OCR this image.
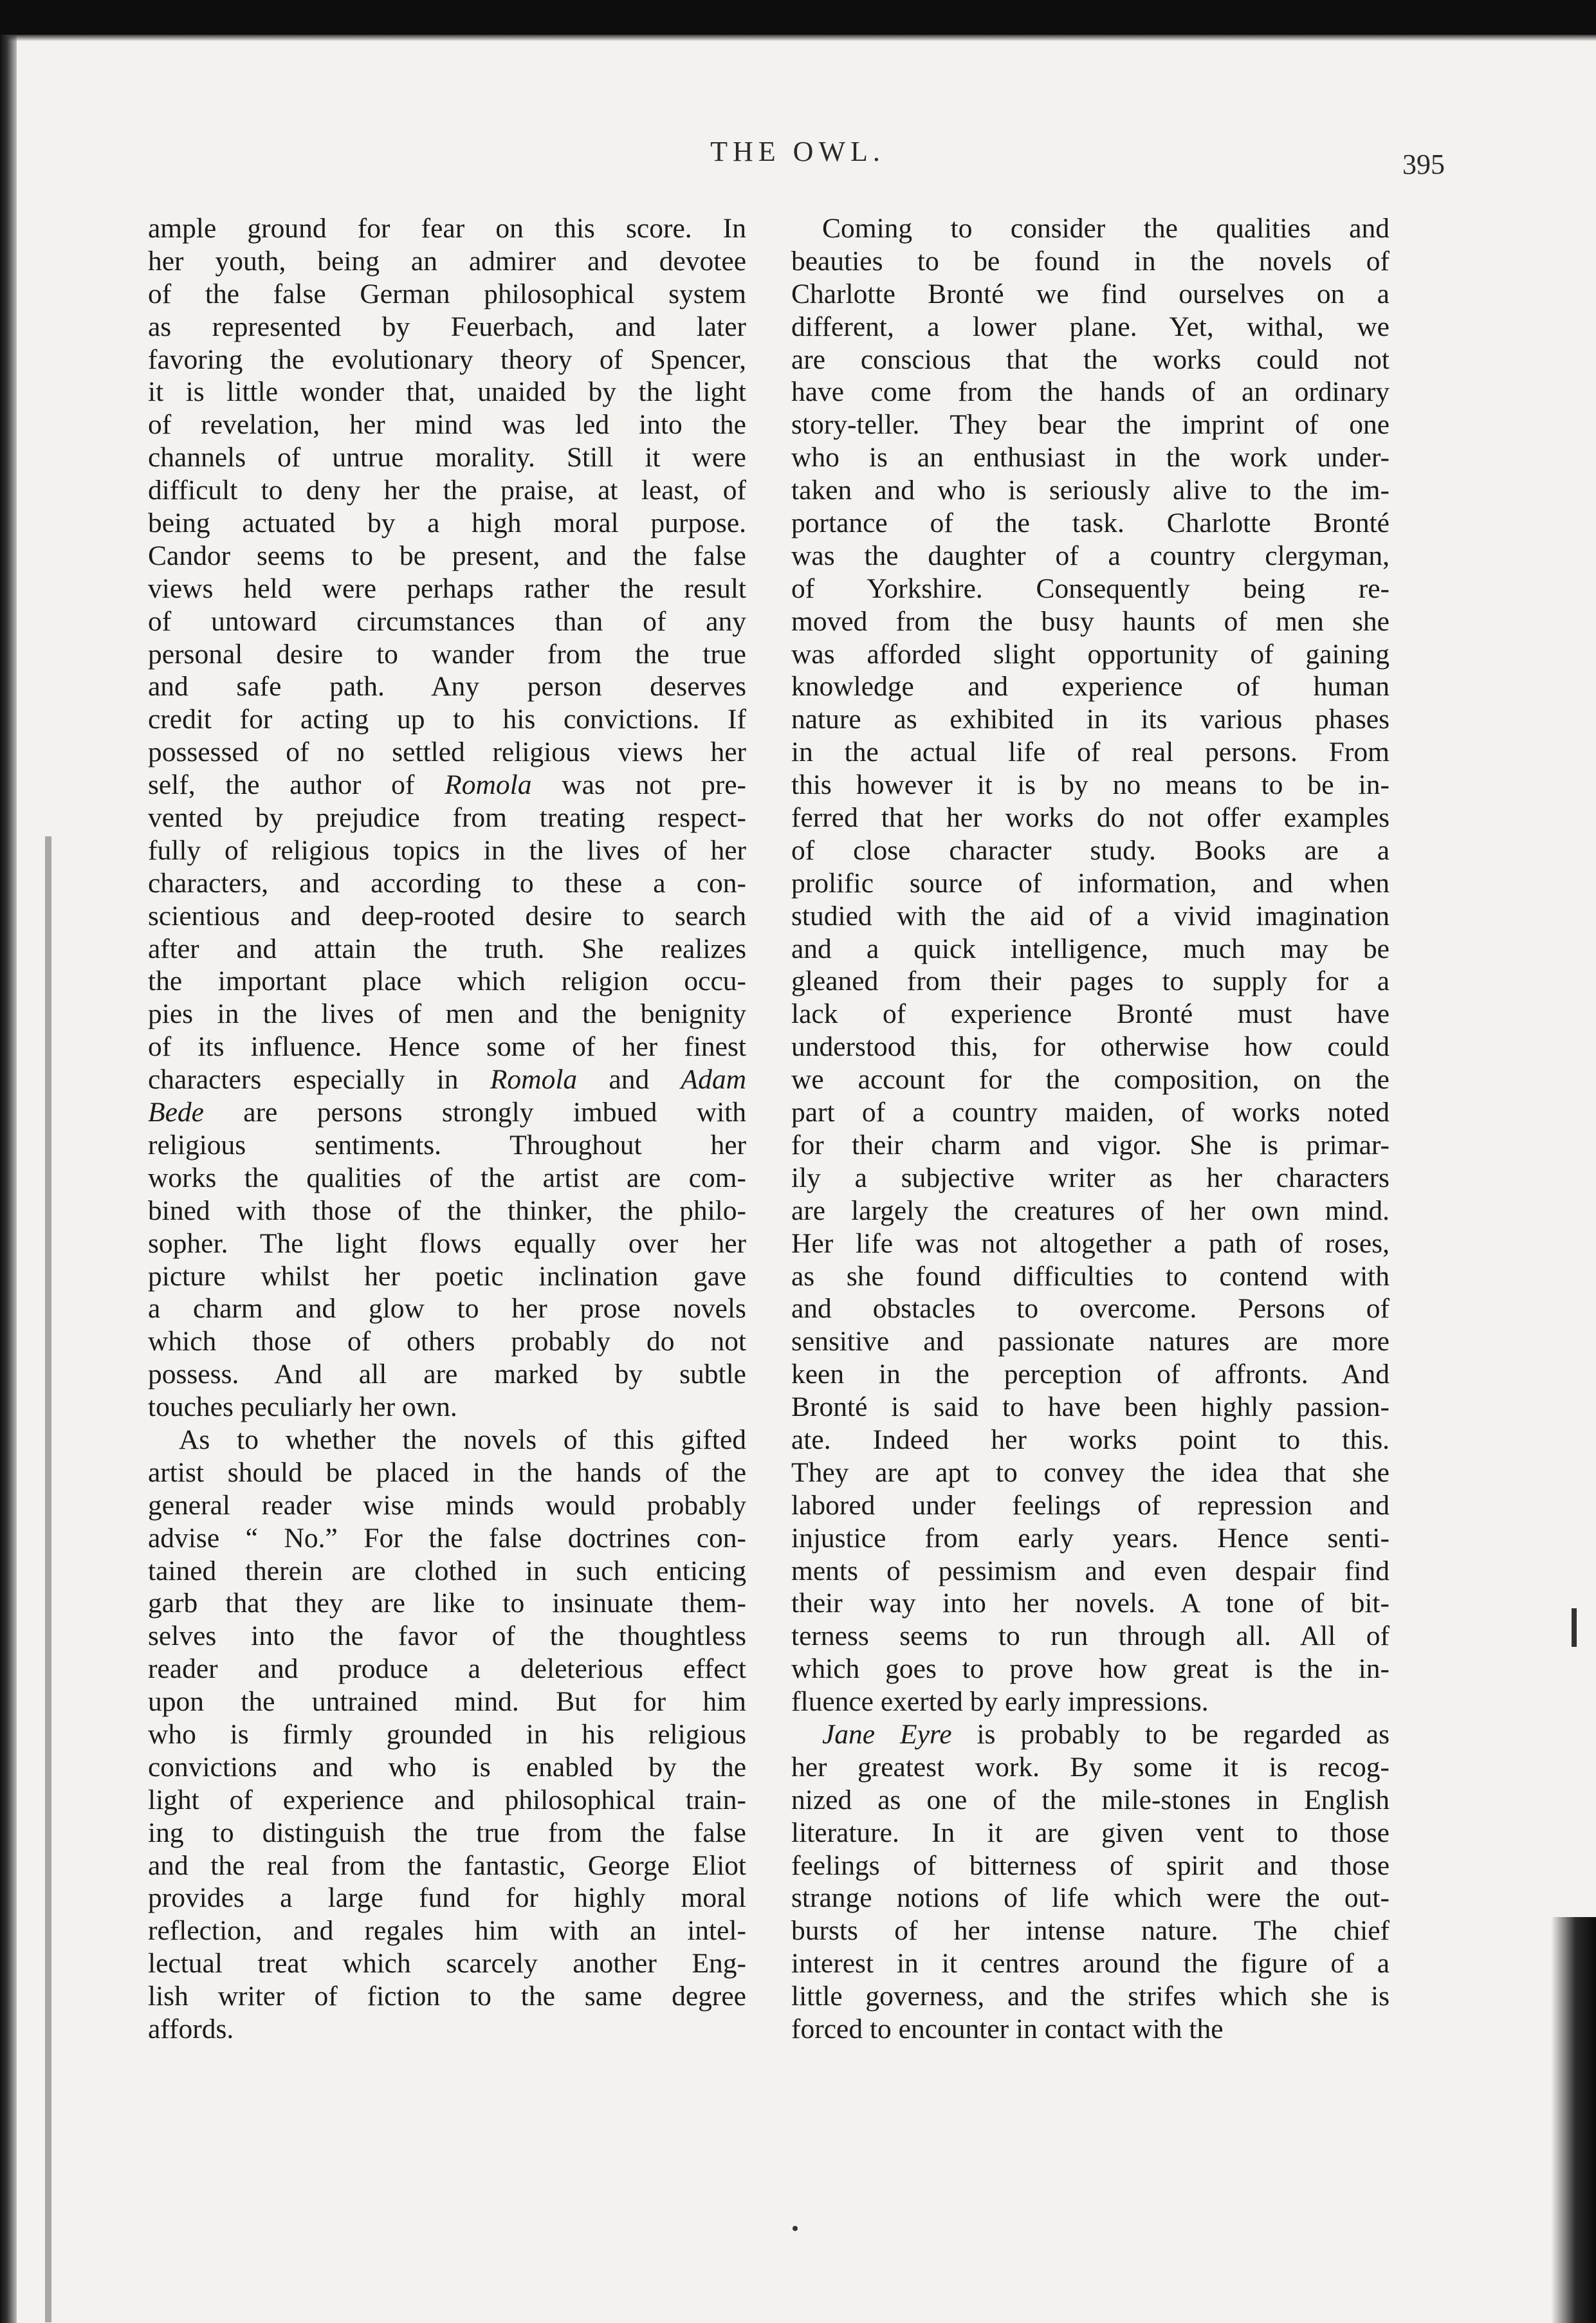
THE OWL.	395
ample ground for fear on this score. In
her youth, being an admirer and devotee
of the false German philosophical system
as represented by Feuerbach, and later
favoring the evolutionary theory of Spencer,
it is little wonder that, unaided by the light
of revelation, her mind was led into the
channels of untrue morality. Still it were
difficult to deny her the praise, at least, of
being actuated by a high moral purpose.
Candor seems to be present, and the false
views held were perhaps rather the result
of untoward circumstances than of any
personal desire to wander from the true
and safe path. Any person deserves
credit for acting up to his convictions. If
possessed of no settled religious views her
self, the author of Romola was not pre-
vented by prejudice from treating respect-
fully of religious topics in the lives of her
characters, and according to these a con-
scientious and deep-rooted desire to search
after and attain the truth. She realizes
the important place which religion occu-
pies in the lives of men and the benignity
of its influence. Hence some of her finest
characters especially in Romola and Adam
Bede are persons strongly imbued with
religious sentiments. Throughout her
works the qualities of the artist are com-
bined with those of the thinker, the philo-
sopher. The light flows equally over her
picture whilst her poetic inclination gave
a charm and glow to her prose novels
which those of others probably do not
possess. And all are marked by subtle
touches peculiarly her own.
As to whether the novels of this gifted
artist should be placed in the hands of the
general reader wise minds would probably
advise “ No.” For the false doctrines con-
tained therein are clothed in such enticing
garb that they are like to insinuate them-
selves into the favor of the thoughtless
reader and produce a deleterious effect
upon the untrained mind. But for him
who is firmly grounded in his religious
convictions and who is enabled by the
light of experience and philosophical train-
ing to distinguish the true from the false
and the real from the fantastic, George Eliot
provides a large fund for highly moral
reflection, and regales him with an intel-
lectual treat which scarcely another Eng-
lish writer of fiction to the same degree
affords.
Coming to consider the qualities and
beauties to be found in the novels of
Charlotte Bronté we find ourselves on a
different, a lower plane. Yet, withal, we
are conscious that the works could not
have come from the hands of an ordinary
story-teller. They bear the imprint of one
who is an enthusiast in the work under-
taken and who is seriously alive to the im-
portance of the task. Charlotte Bronté
was the daughter of a country clergyman,
of Yorkshire. Consequently being re-
moved from the busy haunts of men she
was afforded slight opportunity of gaining
knowledge and experience of human
nature as exhibited in its various phases
in the actual life of real persons. From
this however it is by no means to be in-
ferred that her works do not offer examples
of close character study. Books are a
prolific source of information, and when
studied with the aid of a vivid imagination
and a quick intelligence, much may be
gleaned from their pages to supply for a
lack of experience Bronté must have
understood this, for otherwise how could
we account for the composition, on the
part of a country maiden, of works noted
for their charm and vigor. She is primar-
ily a subjective writer as her characters
are largely the creatures of her own mind.
Her life was not altogether a path of roses,
as she found difficulties to contend with
and obstacles to overcome. Persons of
sensitive and passionate natures are more
keen in the perception of affronts. And
Bronté is said to have been highly passion-
ate. Indeed her works point to this.
They are apt to convey the idea that she
labored under feelings of repression and
injustice from early years. Hence senti-
ments of pessimism and even despair find
their way into her novels. A tone of bit-
terness seems to run through all. All of
which goes to prove how great is the in-
fluence exerted by early impressions.
Jane Eyre is probably to be regarded as
her greatest work. By some it is recog-
nized as one of the mile-stones in English
literature. In it are given vent to those
feelings of bitterness of spirit and those
strange notions of life which were the out-
bursts of her intense nature. The chief
interest in it centres around the figure of a
little governess, and the strifes which she is
forced to encounter in contact with the
